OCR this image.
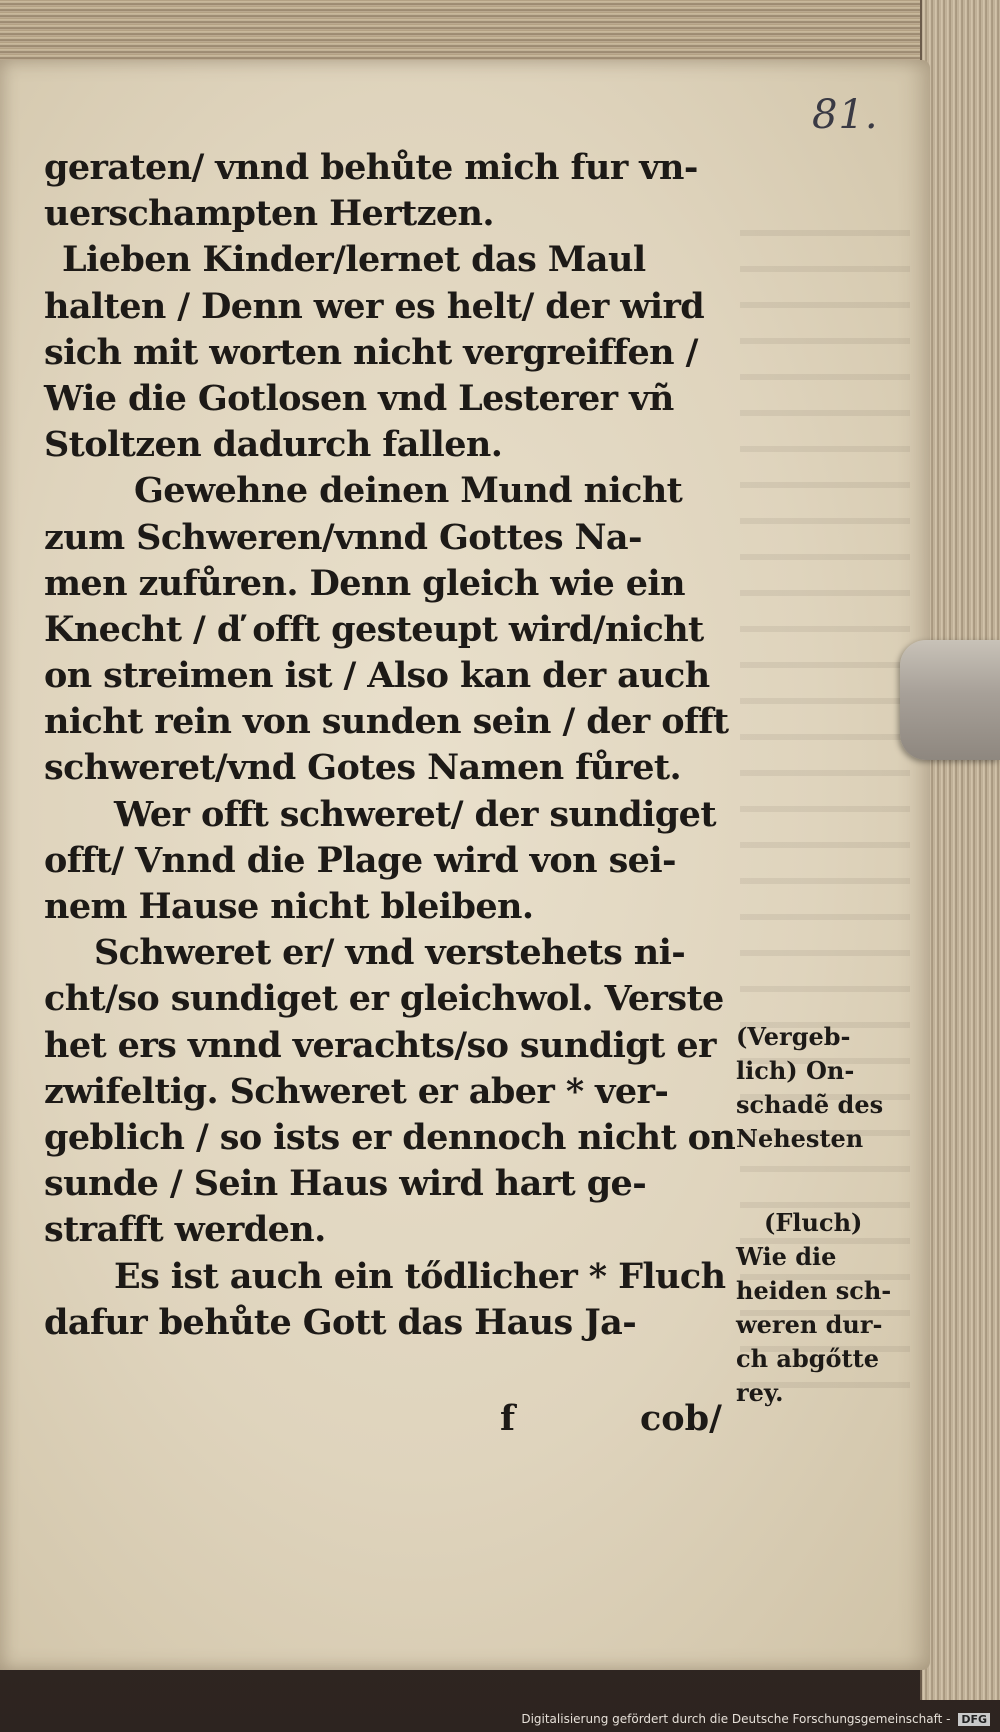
81.
geraten/ vnnd behůte mich fur vn-
uerschampten Hertzen.
Lieben Kinder/lernet das Maul
halten / Denn wer es helt/ der wird
sich mit worten nicht vergreiffen /
Wie die Gotlosen vnd Lesterer vñ
Stoltzen dadurch fallen.
Gewehne deinen Mund nicht
zum Schweren/vnnd Gottes Na-
men zufůren. Denn gleich wie ein
Knecht / ď offt gesteupt wird/nicht
on streimen ist / Also kan der auch
nicht rein von sunden sein / der offt
schweret/vnd Gotes Namen fůret.
Wer offt schweret/ der sundiget
offt/ Vnnd die Plage wird von sei-
nem Hause nicht bleiben.
Schweret er/ vnd verstehets ni-
cht/so sundiget er gleichwol. Verste
het ers vnnd verachts/so sundigt er
zwifeltig. Schweret er aber * ver-
geblich / so ists er dennoch nicht on
sunde / Sein Haus wird hart ge-
strafft werden.
Es ist auch ein tődlicher * Fluch
dafur behůte Gott das Haus Ja-
f	cob/
(Vergeb-
lich) On-
schadẽ des
Nehesten
(Fluch)
Wie die
heiden sch-
weren dur-
ch abgőtte
rey.
Digitalisierung gefördert durch die Deutsche Forschungsgemeinschaft - DFG
